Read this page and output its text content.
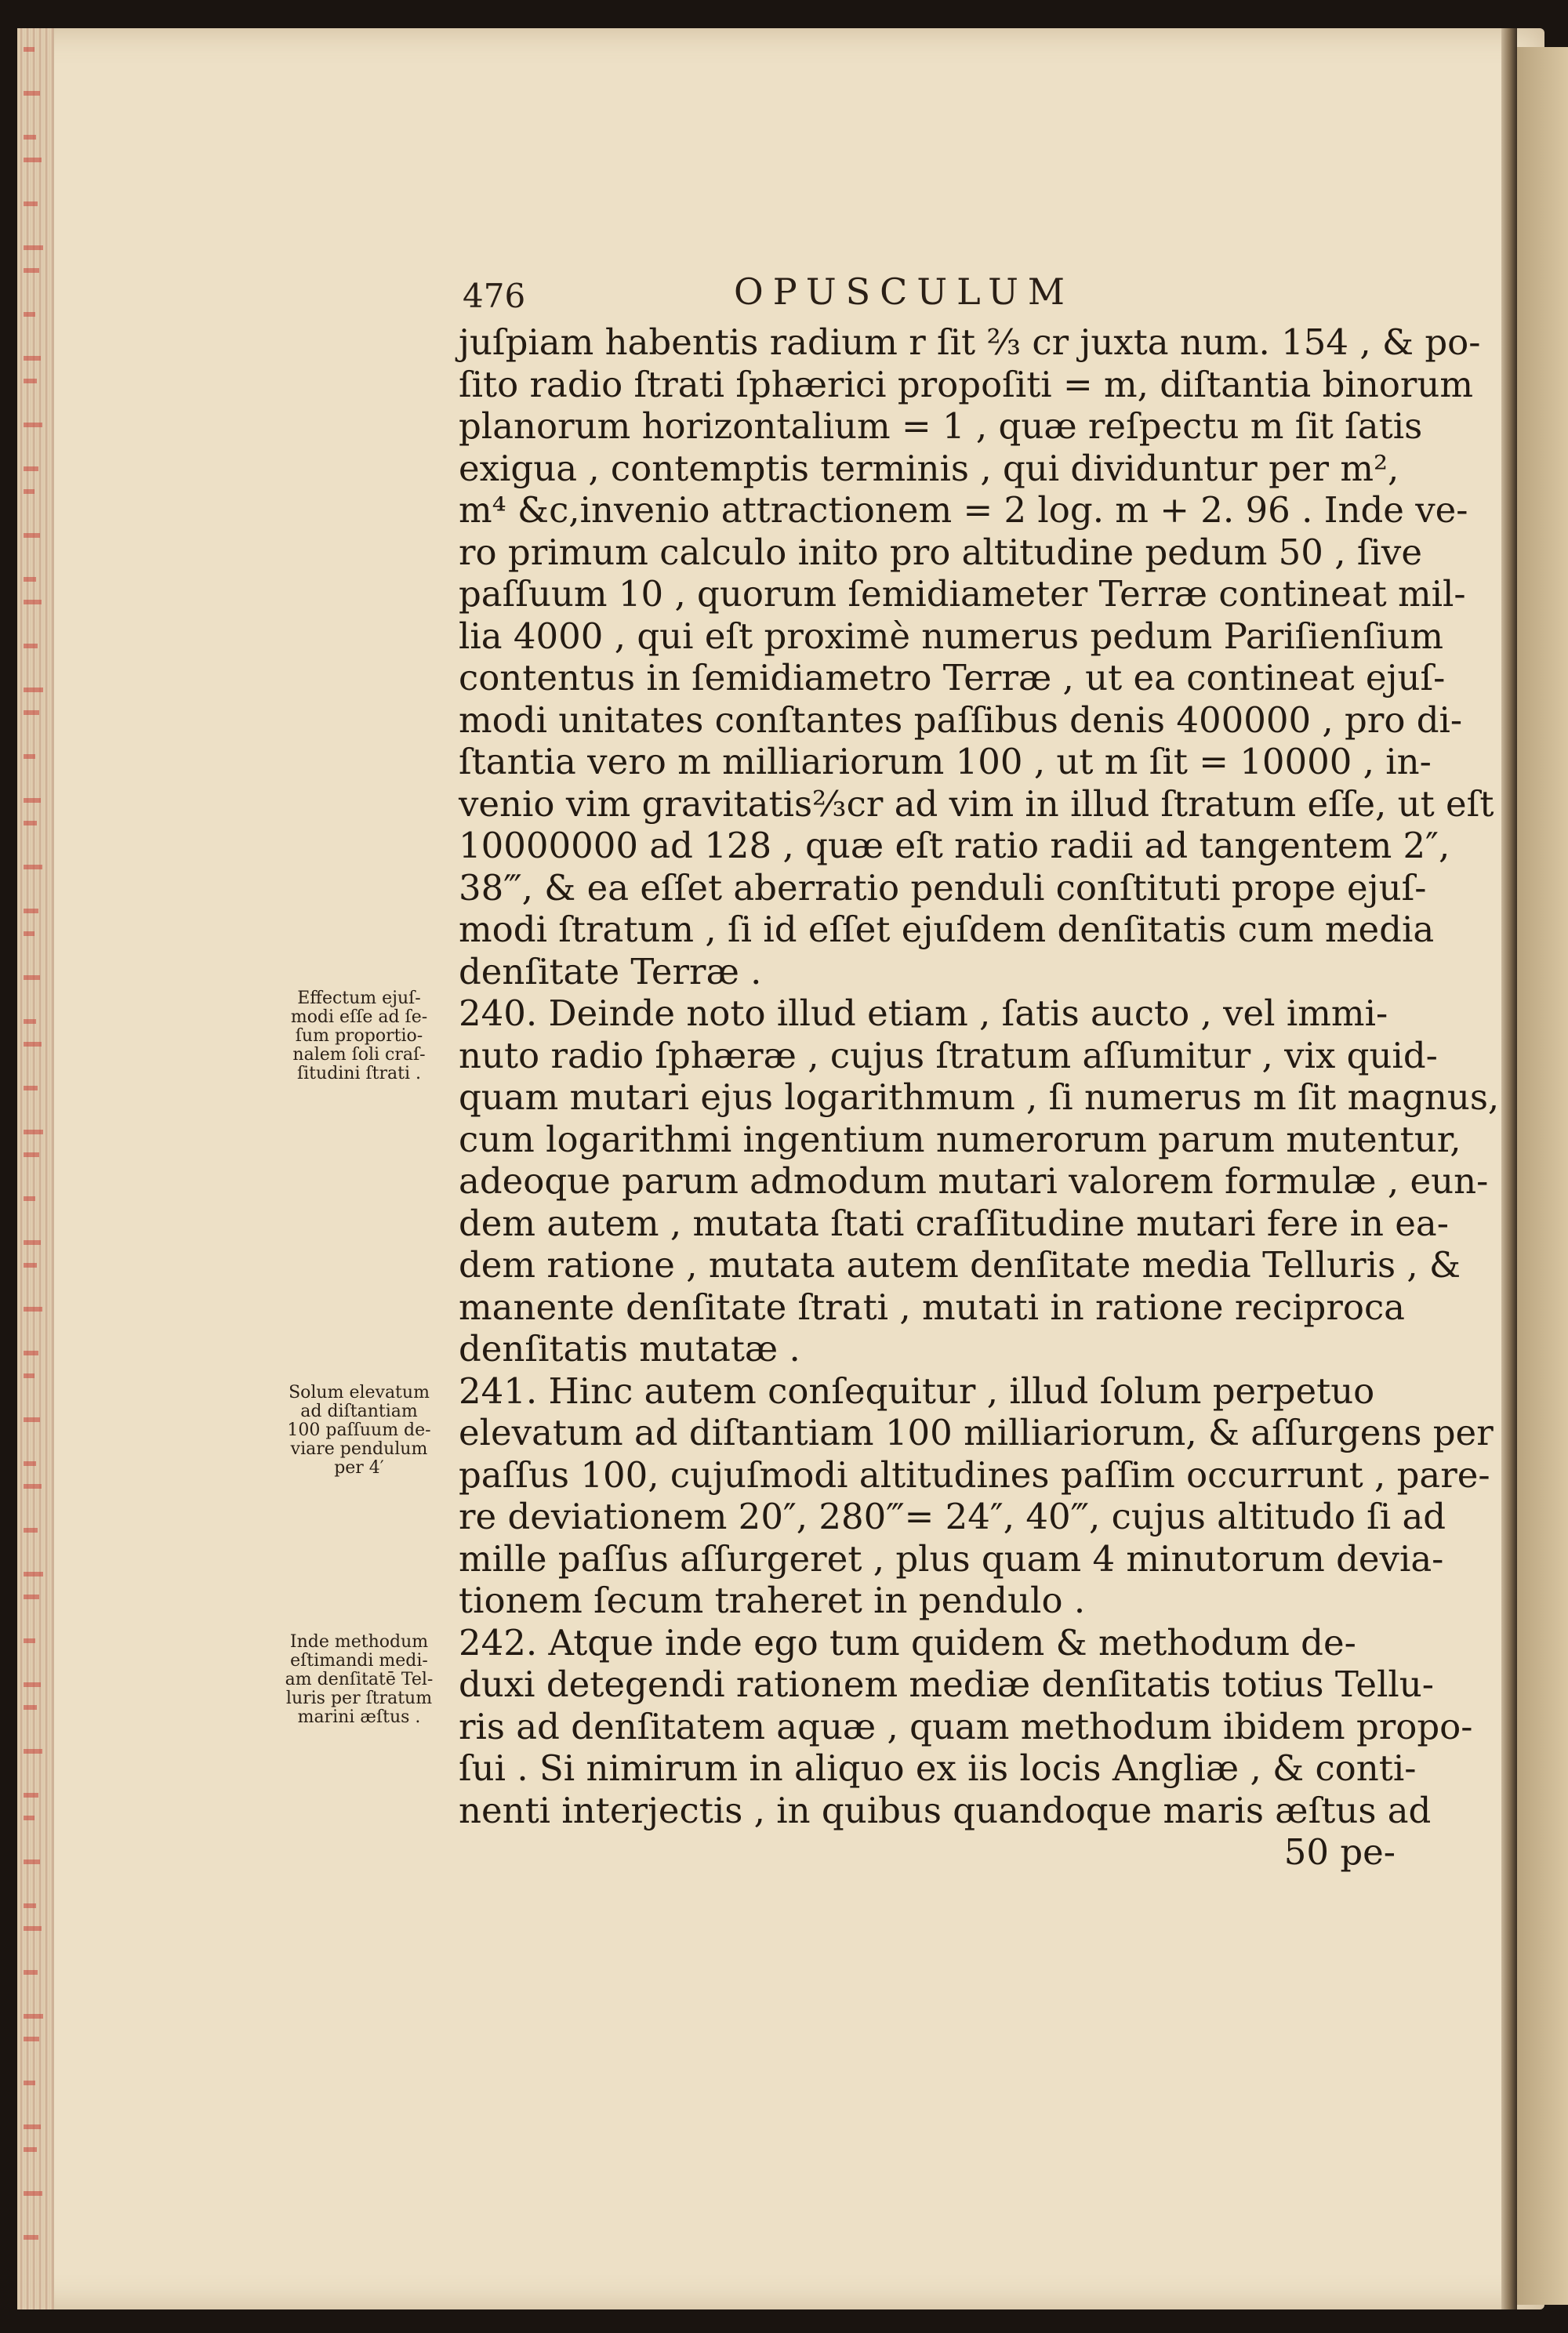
476	OPUSCULUM
juſpiam habentis radium r ſit ⅔ cr juxta num. 154 , & po-
ſito radio ſtrati ſphærici propoſiti = m, diſtantia binorum
planorum horizontalium = 1 , quæ reſpectu m ſit ſatis
exigua , contemptis terminis , qui dividuntur per m²,
m⁴ &c,invenio attractionem = 2 log. m + 2. 96 . Inde ve-
ro primum calculo inito pro altitudine pedum 50 , ſive
paſſuum 10 , quorum ſemidiameter Terræ contineat mil-
lia 4000 , qui eſt proximè numerus pedum Pariſienſium
contentus in ſemidiametro Terræ , ut ea contineat ejuſ-
modi unitates conſtantes paſſibus denis 400000 , pro di-
ſtantia vero m milliariorum 100 , ut m ſit = 10000 , in-
venio vim gravitatis⅔cr ad vim in illud ſtratum eſſe, ut eſt
10000000 ad 128 , quæ eſt ratio radii ad tangentem 2″,
38‴, & ea eſſet aberratio penduli conſtituti prope ejuſ-
modi ſtratum , ſi id eſſet ejuſdem denſitatis cum media
denſitate Terræ .
240. Deinde noto illud etiam , ſatis aucto , vel immi-
nuto radio ſphæræ , cujus ſtratum aſſumitur , vix quid-
quam mutari ejus logarithmum , ſi numerus m ſit magnus,
cum logarithmi ingentium numerorum parum mutentur,
adeoque parum admodum mutari valorem formulæ , eun-
dem autem , mutata ſtati craſſitudine mutari fere in ea-
dem ratione , mutata autem denſitate media Telluris , &
manente denſitate ſtrati , mutati in ratione reciproca
denſitatis mutatæ .
241. Hinc autem conſequitur , illud ſolum perpetuo
elevatum ad diſtantiam 100 milliariorum, & aſſurgens per
paſſus 100, cujuſmodi altitudines paſſim occurrunt , pare-
re deviationem 20″, 280‴= 24″, 40‴, cujus altitudo ſi ad
mille paſſus aſſurgeret , plus quam 4 minutorum devia-
tionem ſecum traheret in pendulo .
242. Atque inde ego tum quidem & methodum de-
duxi detegendi rationem mediæ denſitatis totius Tellu-
ris ad denſitatem aquæ , quam methodum ibidem propo-
ſui . Si nimirum in aliquo ex iis locis Angliæ , & conti-
nenti interjectis , in quibus quandoque maris æſtus ad
50 pe-
Effectum ejuſ-
modi eſſe ad ſe-
ſum proportio-
nalem ſoli craſ-
ſitudini ſtrati .
Solum elevatum
ad diſtantiam
100 paſſuum de-
viare pendulum
per 4′
Inde methodum
eſtimandi medi-
am denſitatē Tel-
luris per ſtratum
marini æſtus .
